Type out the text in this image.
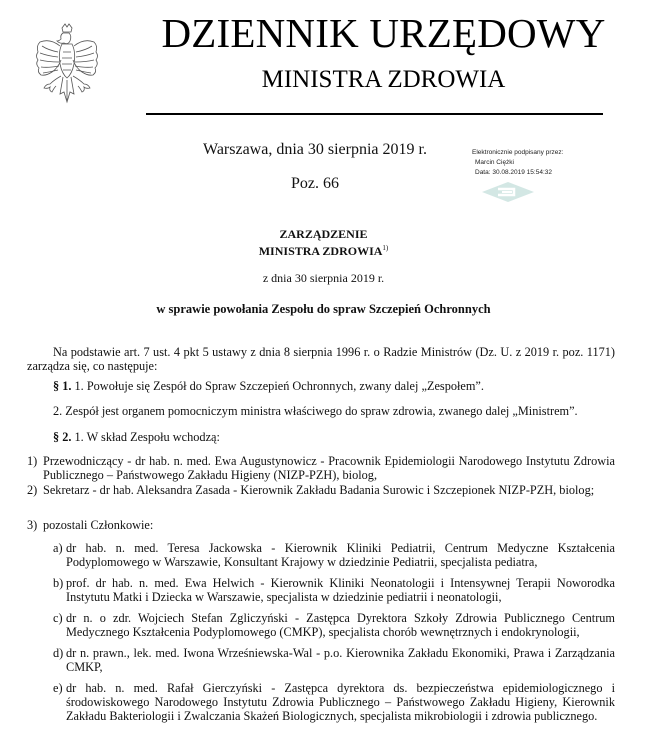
DZIENNIK URZĘDOWY
MINISTRA ZDROWIA
Warszawa, dnia 30 sierpnia 2019 r.
Poz. 66
Elektronicznie podpisany przez:
Marcin Ciężki
Data: 30.08.2019 15:54:32
ZARZĄDZENIE
MINISTRA ZDROWIA$^{1)}$
z dnia 30 sierpnia 2019 r.
w sprawie powołania Zespołu do spraw Szczepień Ochronnych
Na podstawie art. 7 ust. 4 pkt 5 ustawy z dnia 8 sierpnia 1996 r. o Radzie Ministrów (Dz. U. z 2019 r. poz. 1171) zarządza się, co następuje:
§ 1. 1. Powołuje się Zespół do Spraw Szczepień Ochronnych, zwany dalej „Zespołem”.
2. Zespół jest organem pomocniczym ministra właściwego do spraw zdrowia, zwanego dalej „Ministrem”.
§ 2. 1. W skład Zespołu wchodzą:
1) Przewodniczący - dr hab. n. med. Ewa Augustynowicz - Pracownik Epidemiologii Narodowego Instytutu Zdrowia Publicznego – Państwowego Zakładu Higieny (NIZP-PZH), biolog,
2) Sekretarz - dr hab. Aleksandra Zasada - Kierownik Zakładu Badania Surowic i Szczepionek NIZP-PZH, biolog;
3) pozostali Członkowie:
a) dr hab. n. med. Teresa Jackowska - Kierownik Kliniki Pediatrii, Centrum Medyczne Kształcenia Podyplomowego w Warszawie, Konsultant Krajowy w dziedzinie Pediatrii, specjalista pediatra,
b) prof. dr hab. n. med. Ewa Helwich - Kierownik Kliniki Neonatologii i Intensywnej Terapii Noworodka Instytutu Matki i Dziecka w Warszawie, specjalista w dziedzinie pediatrii i neonatologii,
c) dr n. o zdr. Wojciech Stefan Zgliczyński - Zastępca Dyrektora Szkoły Zdrowia Publicznego Centrum Medycznego Kształcenia Podyplomowego (CMKP), specjalista chorób wewnętrznych i endokrynologii,
d) dr n. prawn., lek. med. Iwona Wrześniewska-Wal - p.o. Kierownika Zakładu Ekonomiki, Prawa i Zarządzania CMKP,
e) dr hab. n. med. Rafał Gierczyński - Zastępca dyrektora ds. bezpieczeństwa epidemiologicznego i środowiskowego Narodowego Instytutu Zdrowia Publicznego – Państwowego Zakładu Higieny, Kierownik Zakładu Bakteriologii i Zwalczania Skażeń Biologicznych, specjalista mikrobiologii i zdrowia publicznego.
